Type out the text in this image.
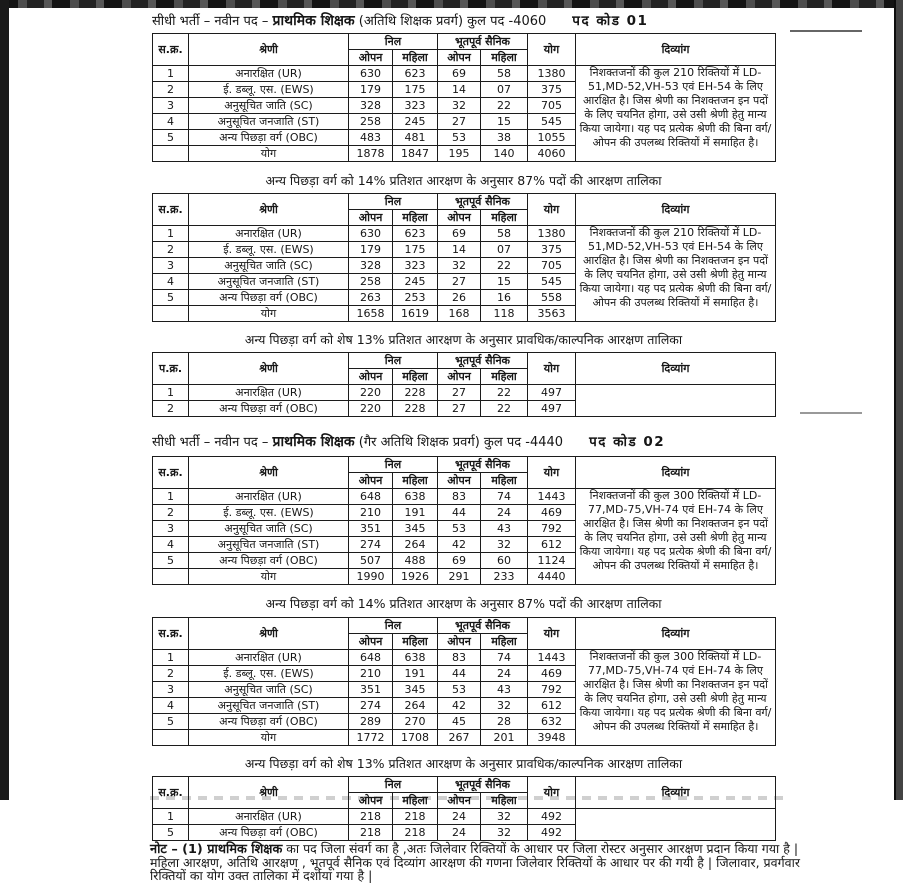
सीधी भर्ती – नवीन पद – प्राथमिक शिक्षक (अतिथि शिक्षक प्रवर्ग) कुल पद -4060 पद कोड 01
स.क्र.	श्रेणी	निल		भूतपूर्व सैनिक		योग	दिव्यांग
		ओपन	महिला	ओपन	महिला		
1	अनारक्षित (UR)	630	623	69	58	1380	निशक्तजनों की कुल 210 रिक्तियों में LD-51,MD-52,VH-53 एवं EH-54 के लिए आरक्षित है। जिस श्रेणी का निशक्तजन इन पदों के लिए चयनित होगा, उसे उसी श्रेणी हेतु मान्य किया जायेगा। यह पद प्रत्येक श्रेणी की बिना वर्ग/ओपन की उपलब्ध रिक्तियों में समाहित है।
2	ई. डब्लू. एस. (EWS)	179	175	14	07	375	
3	अनुसूचित जाति (SC)	328	323	32	22	705	
4	अनुसूचित जनजाति (ST)	258	245	27	15	545	
5	अन्य पिछड़ा वर्ग (OBC)	483	481	53	38	1055	
	योग	1878	1847	195	140	4060	
अन्य पिछड़ा वर्ग को 14% प्रतिशत आरक्षण के अनुसार 87% पदों की आरक्षण तालिका
स.क्र.	श्रेणी	निल		भूतपूर्व सैनिक		योग	दिव्यांग
		ओपन	महिला	ओपन	महिला		
1	अनारक्षित (UR)	630	623	69	58	1380	निशक्तजनों की कुल 210 रिक्तियों में LD-51,MD-52,VH-53 एवं EH-54 के लिए आरक्षित है। जिस श्रेणी का निशक्तजन इन पदों के लिए चयनित होगा, उसे उसी श्रेणी हेतु मान्य किया जायेगा। यह पद प्रत्येक श्रेणी की बिना वर्ग/ओपन की उपलब्ध रिक्तियों में समाहित है।
2	ई. डब्लू. एस. (EWS)	179	175	14	07	375	
3	अनुसूचित जाति (SC)	328	323	32	22	705	
4	अनुसूचित जनजाति (ST)	258	245	27	15	545	
5	अन्य पिछड़ा वर्ग (OBC)	263	253	26	16	558	
	योग	1658	1619	168	118	3563	
अन्य पिछड़ा वर्ग को शेष 13% प्रतिशत आरक्षण के अनुसार प्रावधिक/काल्पनिक आरक्षण तालिका
प.क्र.	श्रेणी	निल		भूतपूर्व सैनिक		योग	दिव्यांग
		ओपन	महिला	ओपन	महिला		
1	अनारक्षित (UR)	220	228	27	22	497	
2	अन्य पिछड़ा वर्ग (OBC)	220	228	27	22	497	
सीधी भर्ती – नवीन पद – प्राथमिक शिक्षक (गैर अतिथि शिक्षक प्रवर्ग) कुल पद -4440 पद कोड 02
स.क्र.	श्रेणी	निल		भूतपूर्व सैनिक		योग	दिव्यांग
		ओपन	महिला	ओपन	महिला		
1	अनारक्षित (UR)	648	638	83	74	1443	निशक्तजनों की कुल 300 रिक्तियों में LD-77,MD-75,VH-74 एवं EH-74 के लिए आरक्षित है। जिस श्रेणी का निशक्तजन इन पदों के लिए चयनित होगा, उसे उसी श्रेणी हेतु मान्य किया जायेगा। यह पद प्रत्येक श्रेणी की बिना वर्ग/ओपन की उपलब्ध रिक्तियों में समाहित है।
2	ई. डब्लू. एस. (EWS)	210	191	44	24	469	
3	अनुसूचित जाति (SC)	351	345	53	43	792	
4	अनुसूचित जनजाति (ST)	274	264	42	32	612	
5	अन्य पिछड़ा वर्ग (OBC)	507	488	69	60	1124	
	योग	1990	1926	291	233	4440	
अन्य पिछड़ा वर्ग को 14% प्रतिशत आरक्षण के अनुसार 87% पदों की आरक्षण तालिका
स.क्र.	श्रेणी	निल		भूतपूर्व सैनिक		योग	दिव्यांग
		ओपन	महिला	ओपन	महिला		
1	अनारक्षित (UR)	648	638	83	74	1443	निशक्तजनों की कुल 300 रिक्तियों में LD-77,MD-75,VH-74 एवं EH-74 के लिए आरक्षित है। जिस श्रेणी का निशक्तजन इन पदों के लिए चयनित होगा, उसे उसी श्रेणी हेतु मान्य किया जायेगा। यह पद प्रत्येक श्रेणी की बिना वर्ग/ओपन की उपलब्ध रिक्तियों में समाहित है।
2	ई. डब्लू. एस. (EWS)	210	191	44	24	469	
3	अनुसूचित जाति (SC)	351	345	53	43	792	
4	अनुसूचित जनजाति (ST)	274	264	42	32	612	
5	अन्य पिछड़ा वर्ग (OBC)	289	270	45	28	632	
	योग	1772	1708	267	201	3948	
अन्य पिछड़ा वर्ग को शेष 13% प्रतिशत आरक्षण के अनुसार प्रावधिक/काल्पनिक आरक्षण तालिका
स.क्र.	श्रेणी	निल		भूतपूर्व सैनिक		योग	दिव्यांग
		ओपन	महिला	ओपन	महिला		
1	अनारक्षित (UR)	218	218	24	32	492	
5	अन्य पिछड़ा वर्ग (OBC)	218	218	24	32	492	
नोट – (1) प्राथमिक शिक्षक का पद जिला संवर्ग का है ,अतः जिलेवार रिक्तियों के आधार पर जिला रोस्टर अनुसार आरक्षण प्रदान किया गया है |
महिला आरक्षण, अतिथि आरक्षण , भूतपूर्व सैनिक एवं दिव्यांग आरक्षण की गणना जिलेवार रिक्तियों के आधार पर की गयी है | जिलावार, प्रवर्गवार
रिक्तियों का योग उक्त तालिका में दर्शाया गया है |
